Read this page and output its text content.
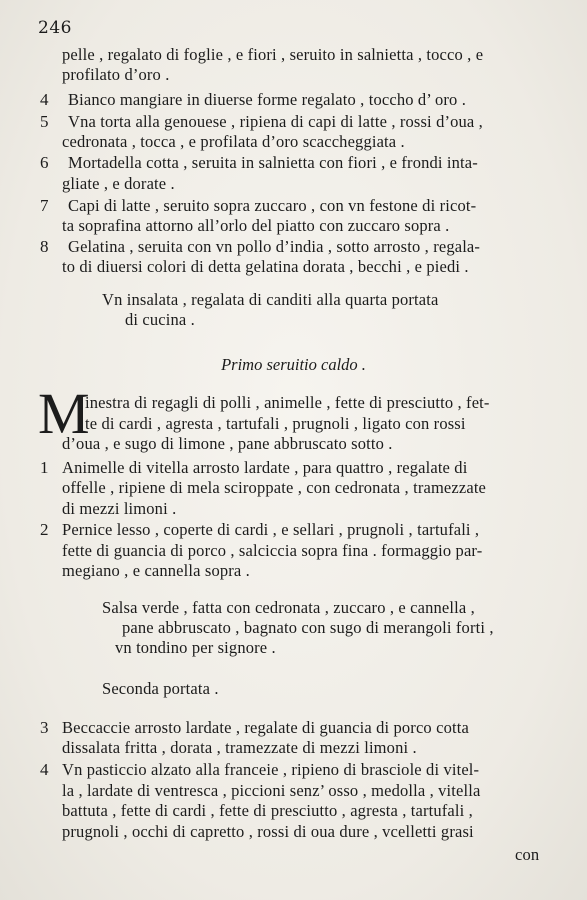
246
pelle , regalato di foglie , e fiori , seruito in salnietta , tocco , e
profilato d’oro .
4 Bianco mangiare in diuerse forme regalato , toccho d’ oro .
5 Vna torta alla genouese , ripiena di capi di latte , rossi d’oua ,
cedronata , tocca , e profilata d’oro scaccheggiata .
6 Mortadella cotta , seruita in salnietta con fiori , e frondi inta-
gliate , e dorate .
7 Capi di latte , seruito sopra zuccaro , con vn festone di ricot-
ta soprafina attorno all’orlo del piatto con zuccaro sopra .
8 Gelatina , seruita con vn pollo d’india , sotto arrosto , regala-
to di diuersi colori di detta gelatina dorata , becchi , e piedi .
Vn insalata , regalata di canditi alla quarta portata
di cucina .
Primo seruitio caldo .
M
inestra di regagli di polli , animelle , fette di presciutto , fet-
te di cardi , agresta , tartufali , prugnoli , ligato con rossi
d’oua , e sugo di limone , pane abbruscato sotto .
1 Animelle di vitella arrosto lardate , para quattro , regalate di
offelle , ripiene di mela sciroppate , con cedronata , tramezzate
di mezzi limoni .
2 Pernice lesso , coperte di cardi , e sellari , prugnoli , tartufali ,
fette di guancia di porco , salciccia sopra fina . formaggio par-
megiano , e cannella sopra .
Salsa verde , fatta con cedronata , zuccaro , e cannella ,
pane abbruscato , bagnato con sugo di merangoli forti ,
vn tondino per signore .
Seconda portata .
3 Beccaccie arrosto lardate , regalate di guancia di porco cotta
dissalata fritta , dorata , tramezzate di mezzi limoni .
4 Vn pasticcio alzato alla franceie , ripieno di brasciole di vitel-
la , lardate di ventresca , piccioni senz’ osso , medolla , vitella
battuta , fette di cardi , fette di presciutto , agresta , tartufali ,
prugnoli , occhi di capretto , rossi di oua dure , vcelletti grasi
con
